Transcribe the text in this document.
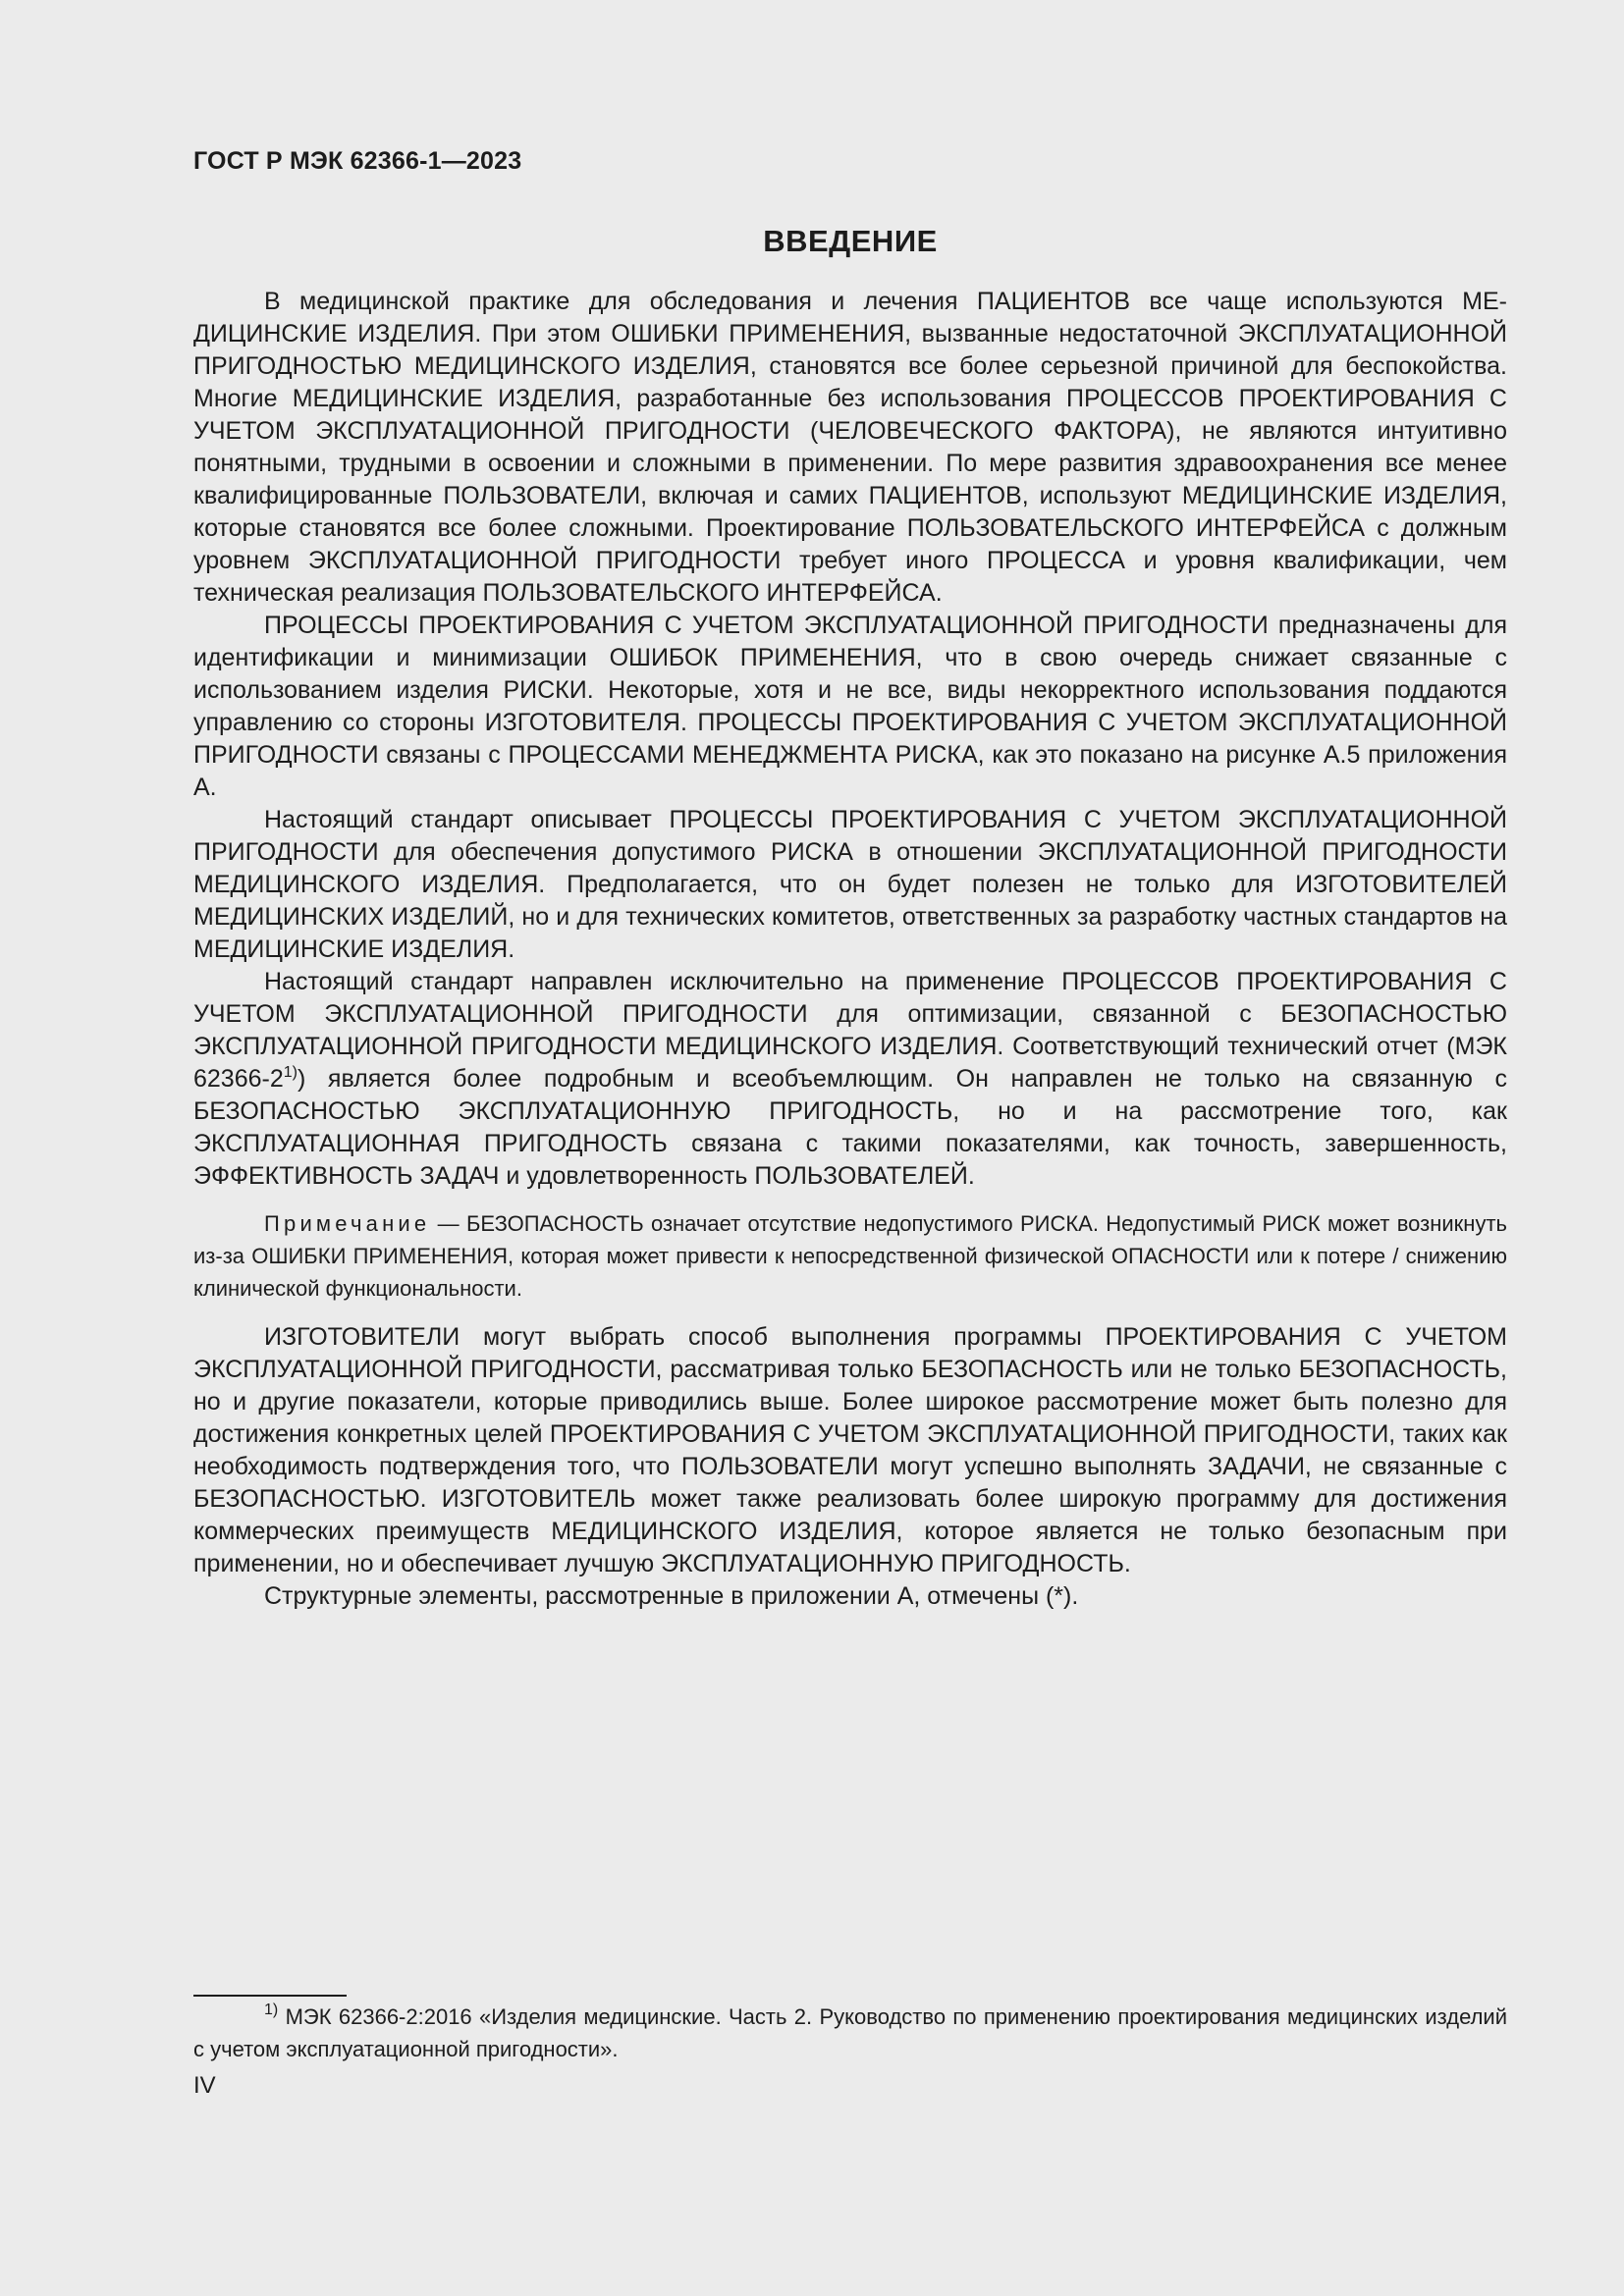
ГОСТ Р МЭК 62366-1—2023
ВВЕДЕНИЕ

В медицинской практике для обследования и лечения ПАЦИЕНТОВ все чаще используются МЕДИЦИНСКИЕ ИЗДЕЛИЯ. При этом ОШИБКИ ПРИМЕНЕНИЯ, вызванные недостаточной ЭКСПЛУАТАЦИОННОЙ ПРИГОДНОСТЬЮ МЕДИЦИНСКОГО ИЗДЕЛИЯ, становятся все более серьезной причиной для беспокойства. Многие МЕДИЦИНСКИЕ ИЗДЕЛИЯ, разработанные без использования ПРОЦЕССОВ ПРОЕКТИРОВАНИЯ С УЧЕТОМ ЭКСПЛУАТАЦИОННОЙ ПРИГОДНОСТИ (ЧЕЛОВЕЧЕСКОГО ФАКТОРА), не являются интуитивно понятными, трудными в освоении и сложными в применении. По мере развития здравоохранения все менее квалифицированные ПОЛЬЗОВАТЕЛИ, включая и самих ПАЦИЕНТОВ, используют МЕДИЦИНСКИЕ ИЗДЕЛИЯ, которые становятся все более сложными. Проектирование ПОЛЬЗОВАТЕЛЬСКОГО ИНТЕРФЕЙСА с должным уровнем ЭКСПЛУАТАЦИОННОЙ ПРИГОДНОСТИ требует иного ПРОЦЕССА и уровня квалификации, чем техническая реализация ПОЛЬЗОВАТЕЛЬСКОГО ИНТЕРФЕЙСА.

ПРОЦЕССЫ ПРОЕКТИРОВАНИЯ С УЧЕТОМ ЭКСПЛУАТАЦИОННОЙ ПРИГОДНОСТИ предназначены для идентификации и минимизации ОШИБОК ПРИМЕНЕНИЯ, что в свою очередь снижает связанные с использованием изделия РИСКИ. Некоторые, хотя и не все, виды некорректного использования поддаются управлению со стороны ИЗГОТОВИТЕЛЯ. ПРОЦЕССЫ ПРОЕКТИРОВАНИЯ С УЧЕТОМ ЭКСПЛУАТАЦИОННОЙ ПРИГОДНОСТИ связаны с ПРОЦЕССАМИ МЕНЕДЖМЕНТА РИСКА, как это показано на рисунке А.5 приложения А.

Настоящий стандарт описывает ПРОЦЕССЫ ПРОЕКТИРОВАНИЯ С УЧЕТОМ ЭКСПЛУАТАЦИОННОЙ ПРИГОДНОСТИ для обеспечения допустимого РИСКА в отношении ЭКСПЛУАТАЦИОННОЙ ПРИГОДНОСТИ МЕДИЦИНСКОГО ИЗДЕЛИЯ. Предполагается, что он будет полезен не только для ИЗГОТОВИТЕЛЕЙ МЕДИЦИНСКИХ ИЗДЕЛИЙ, но и для технических комитетов, ответственных за разработку частных стандартов на МЕДИЦИНСКИЕ ИЗДЕЛИЯ.

Настоящий стандарт направлен исключительно на применение ПРОЦЕССОВ ПРОЕКТИРОВАНИЯ С УЧЕТОМ ЭКСПЛУАТАЦИОННОЙ ПРИГОДНОСТИ для оптимизации, связанной с БЕЗОПАСНОСТЬЮ ЭКСПЛУАТАЦИОННОЙ ПРИГОДНОСТИ МЕДИЦИНСКОГО ИЗДЕЛИЯ. Соответствующий технический отчет (МЭК 62366-2$^{1)}$) является более подробным и всеобъемлющим. Он направлен не только на связанную с БЕЗОПАСНОСТЬЮ ЭКСПЛУАТАЦИОННУЮ ПРИГОДНОСТЬ, но и на рассмотрение того, как ЭКСПЛУАТАЦИОННАЯ ПРИГОДНОСТЬ связана с такими показателями, как точность, завершенность, ЭФФЕКТИВНОСТЬ ЗАДАЧ и удовлетворенность ПОЛЬЗОВАТЕЛЕЙ.

Примечание — БЕЗОПАСНОСТЬ означает отсутствие недопустимого РИСКА. Недопустимый РИСК может возникнуть из-за ОШИБКИ ПРИМЕНЕНИЯ, которая может привести к непосредственной физической ОПАСНОСТИ или к потере / снижению клинической функциональности.

ИЗГОТОВИТЕЛИ могут выбрать способ выполнения программы ПРОЕКТИРОВАНИЯ С УЧЕТОМ ЭКСПЛУАТАЦИОННОЙ ПРИГОДНОСТИ, рассматривая только БЕЗОПАСНОСТЬ или не только БЕЗОПАСНОСТЬ, но и другие показатели, которые приводились выше. Более широкое рассмотрение может быть полезно для достижения конкретных целей ПРОЕКТИРОВАНИЯ С УЧЕТОМ ЭКСПЛУАТАЦИОННОЙ ПРИГОДНОСТИ, таких как необходимость подтверждения того, что ПОЛЬЗОВАТЕЛИ могут успешно выполнять ЗАДАЧИ, не связанные с БЕЗОПАСНОСТЬЮ. ИЗГОТОВИТЕЛЬ может также реализовать более широкую программу для достижения коммерческих преимуществ МЕДИЦИНСКОГО ИЗДЕЛИЯ, которое является не только безопасным при применении, но и обеспечивает лучшую ЭКСПЛУАТАЦИОННУЮ ПРИГОДНОСТЬ.

Структурные элементы, рассмотренные в приложении А, отмечены (*).

$^{1)}$ МЭК 62366-2:2016 «Изделия медицинские. Часть 2. Руководство по применению проектирования медицинских изделий с учетом эксплуатационной пригодности».

IV
